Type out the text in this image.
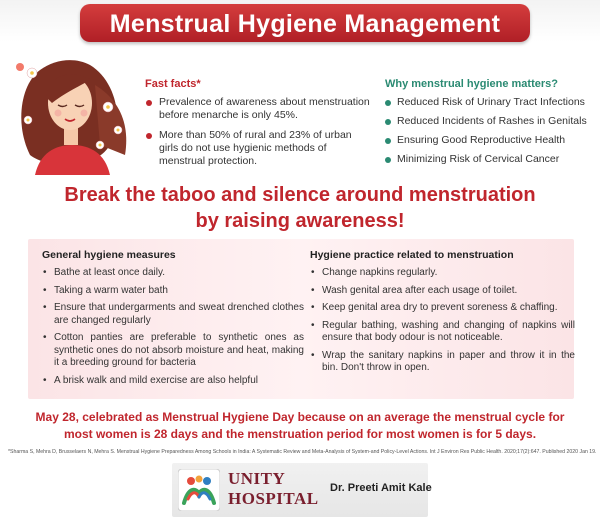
Menstrual Hygiene Management
Fast facts*
Prevalence of awareness about menstruation before menarche is only 45%.
More than 50% of rural and 23% of urban girls do not use hygienic methods of menstrual protection.
Why menstrual hygiene matters?
Reduced Risk of Urinary Tract Infections
Reduced Incidents of Rashes in Genitals
Ensuring Good Reproductive Health
Minimizing Risk of Cervical Cancer
Break the taboo and silence around menstruation
by raising awareness!
General hygiene measures
• Bathe at least once daily.
• Taking a warm water bath
• Ensure that undergarments and sweat drenched clothes are changed regularly
• Cotton panties are preferable to synthetic ones as synthetic ones do not absorb moisture and heat, making it a breeding ground for bacteria
• A brisk walk and mild exercise are also helpful
Hygiene practice related to menstruation
• Change napkins regularly.
• Wash genital area after each usage of toilet.
• Keep genital area dry to prevent soreness & chaffing.
• Regular bathing, washing and changing of napkins will ensure that body odour is not noticeable.
• Wrap the sanitary napkins in paper and throw it in the bin. Don't throw in open.
May 28, celebrated as Menstrual Hygiene Day because on an average the menstrual cycle for
most women is 28 days and the menstruation period for most women is for 5 days.
*Sharma S, Mehra D, Brusselaers N, Mehra S. Menstrual Hygiene Preparedness Among Schools in India: A Systematic Review and Meta-Analysis of System-and Policy-Level Actions. Int J Environ Res Public Health. 2020;17(2):647. Published 2020 Jan 19.
UNITY
HOSPITAL
Dr. Preeti Amit Kale
